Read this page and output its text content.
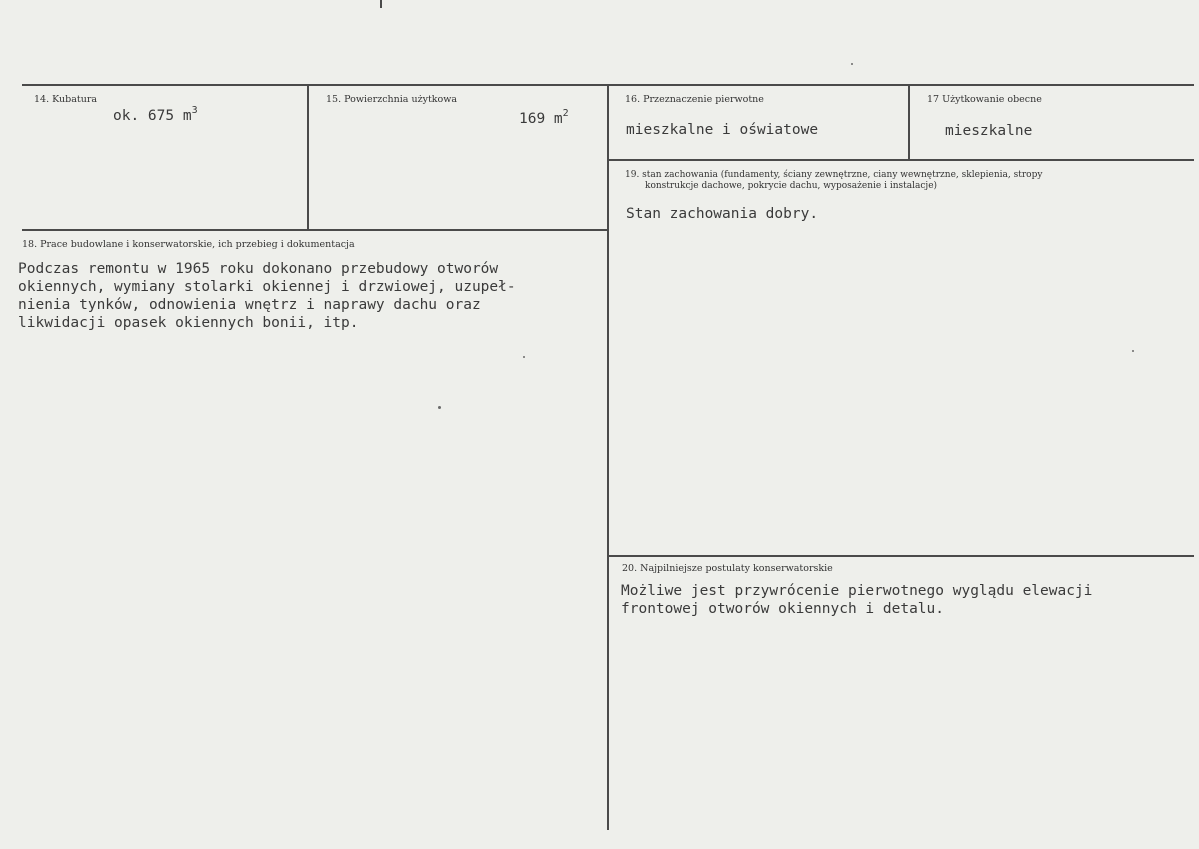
14. Kubatura
ok. 675 $m^3$
15. Powierzchnia użytkowa
169 $m^2$
16. Przeznaczenie pierwotne
mieszkalne i oświatowe
17 Użytkowanie obecne
mieszkalne
19. stan zachowania (fundamenty, ściany zewnętrzne, ciany wewnętrzne, sklepienia, stropy
konstrukcje dachowe, pokrycie dachu, wyposażenie i instalacje)
Stan zachowania dobry.
18. Prace budowlane i konserwatorskie, ich przebieg i dokumentacja
Podczas remontu w 1965 roku dokonano przebudowy otworów
okiennych, wymiany stolarki okiennej i drzwiowej, uzupeł-
nienia tynków, odnowienia wnętrz i naprawy dachu oraz
likwidacji opasek okiennych bonii, itp.
20. Najpilniejsze postulaty konserwatorskie
Możliwe jest przywrócenie pierwotnego wyglądu elewacji
frontowej otworów okiennych i detalu.
